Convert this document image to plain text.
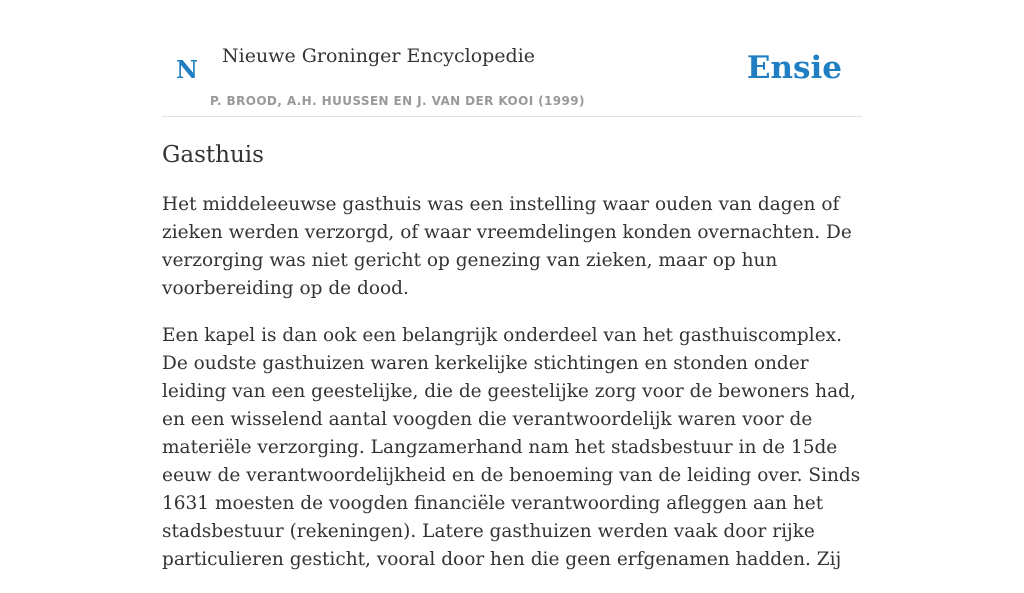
N Nieuwe Groninger Encyclopedie
P. BROOD, A.H. HUUSSEN EN J. VAN DER KOOI (1999)
Ensie
Gasthuis

Het middeleeuwse gasthuis was een instelling waar ouden van dagen of zieken werden verzorgd, of waar vreemdelingen konden overnachten. De verzorging was niet gericht op genezing van zieken, maar op hun voorbereiding op de dood.

Een kapel is dan ook een belangrijk onderdeel van het gasthuiscomplex. De oudste gasthuizen waren kerkelijke stichtingen en stonden onder leiding van een geestelijke, die de geestelijke zorg voor de bewoners had, en een wisselend aantal voogden die verantwoordelijk waren voor de materiële verzorging. Langzamerhand nam het stadsbestuur in de 15de eeuw de verantwoordelijkheid en de benoeming van de leiding over. Sinds 1631 moesten de voogden financiële verantwoording afleggen aan het stadsbestuur (rekeningen). Latere gasthuizen werden vaak door rijke particulieren gesticht, vooral door hen die geen erfgenamen hadden. Zij
